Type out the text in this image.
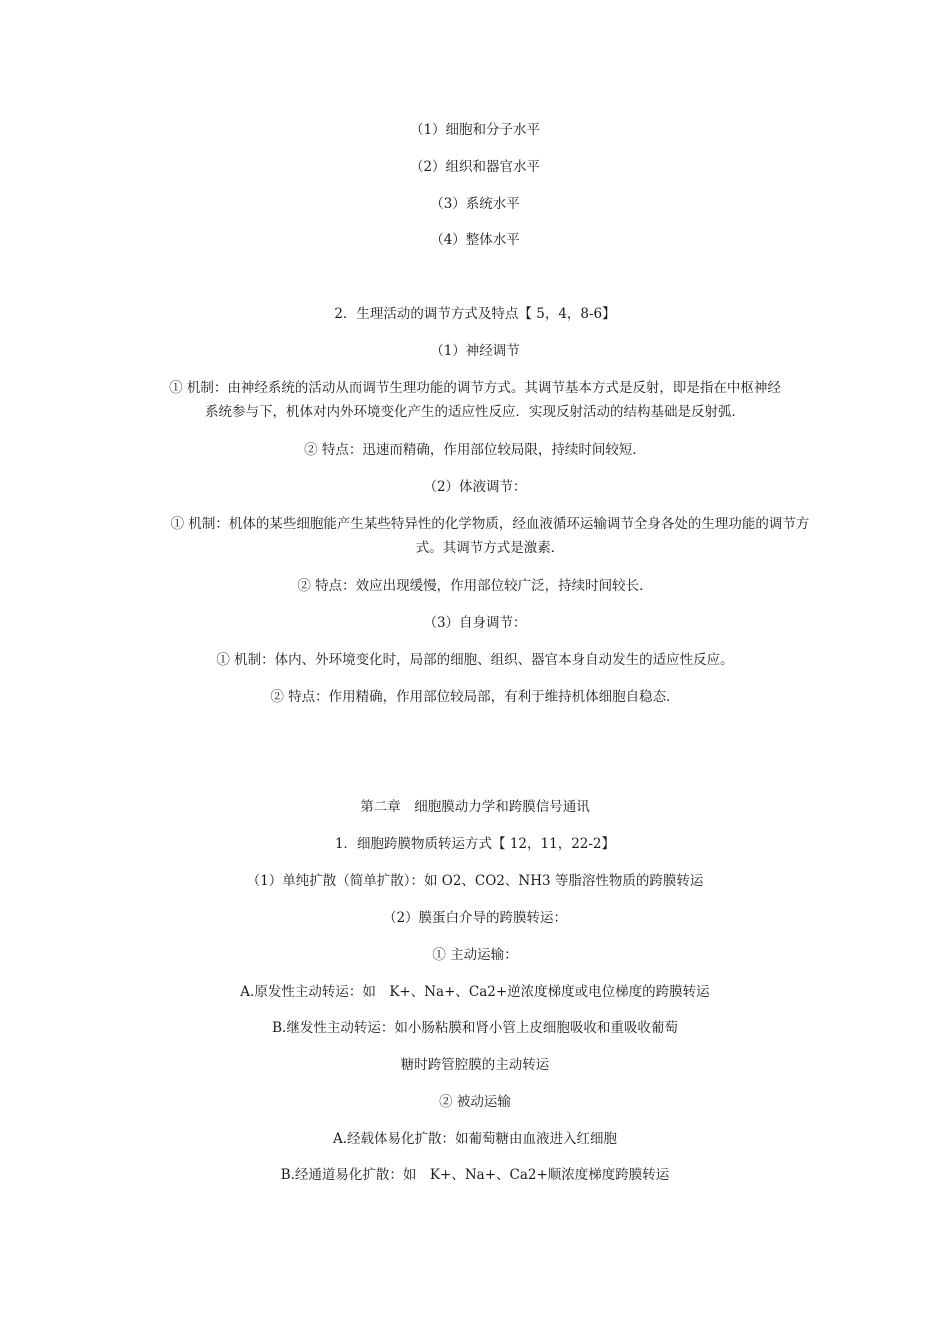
（1）细胞和分子水平
（2）组织和器官水平
（3）系统水平
（4）整体水平
2．生理活动的调节方式及特点【 5，4，8-6】
（1）神经调节
① 机制：由神经系统的活动从而调节生理功能的调节方式。其调节基本方式是反射，即是指在中枢神经系统参与下，机体对内外环境变化产生的适应性反应．实现反射活动的结构基础是反射弧．
② 特点：迅速而精确，作用部位较局限，持续时间较短．
（2）体液调节：
① 机制：机体的某些细胞能产生某些特异性的化学物质，经血液循环运输调节全身各处的生理功能的调节方式。其调节方式是激素．
② 特点：效应出现缓慢，作用部位较广泛，持续时间较长．
（3）自身调节：
① 机制：体内、外环境变化时，局部的细胞、组织、器官本身自动发生的适应性反应。
② 特点：作用精确，作用部位较局部，有利于维持机体细胞自稳态．
第二章　细胞膜动力学和跨膜信号通讯
1．细胞跨膜物质转运方式【 12，11，22-2】
（1）单纯扩散（简单扩散）：如 O2、CO2、NH3 等脂溶性物质的跨膜转运
（2）膜蛋白介导的跨膜转运：
① 主动运输：
A.原发性主动转运：如　K+、Na+、Ca2+逆浓度梯度或电位梯度的跨膜转运
B.继发性主动转运：如小肠粘膜和肾小管上皮细胞吸收和重吸收葡萄
糖时跨管腔膜的主动转运
② 被动运输
A.经载体易化扩散：如葡萄糖由血液进入红细胞
B.经通道易化扩散：如　K+、Na+、Ca2+顺浓度梯度跨膜转运
